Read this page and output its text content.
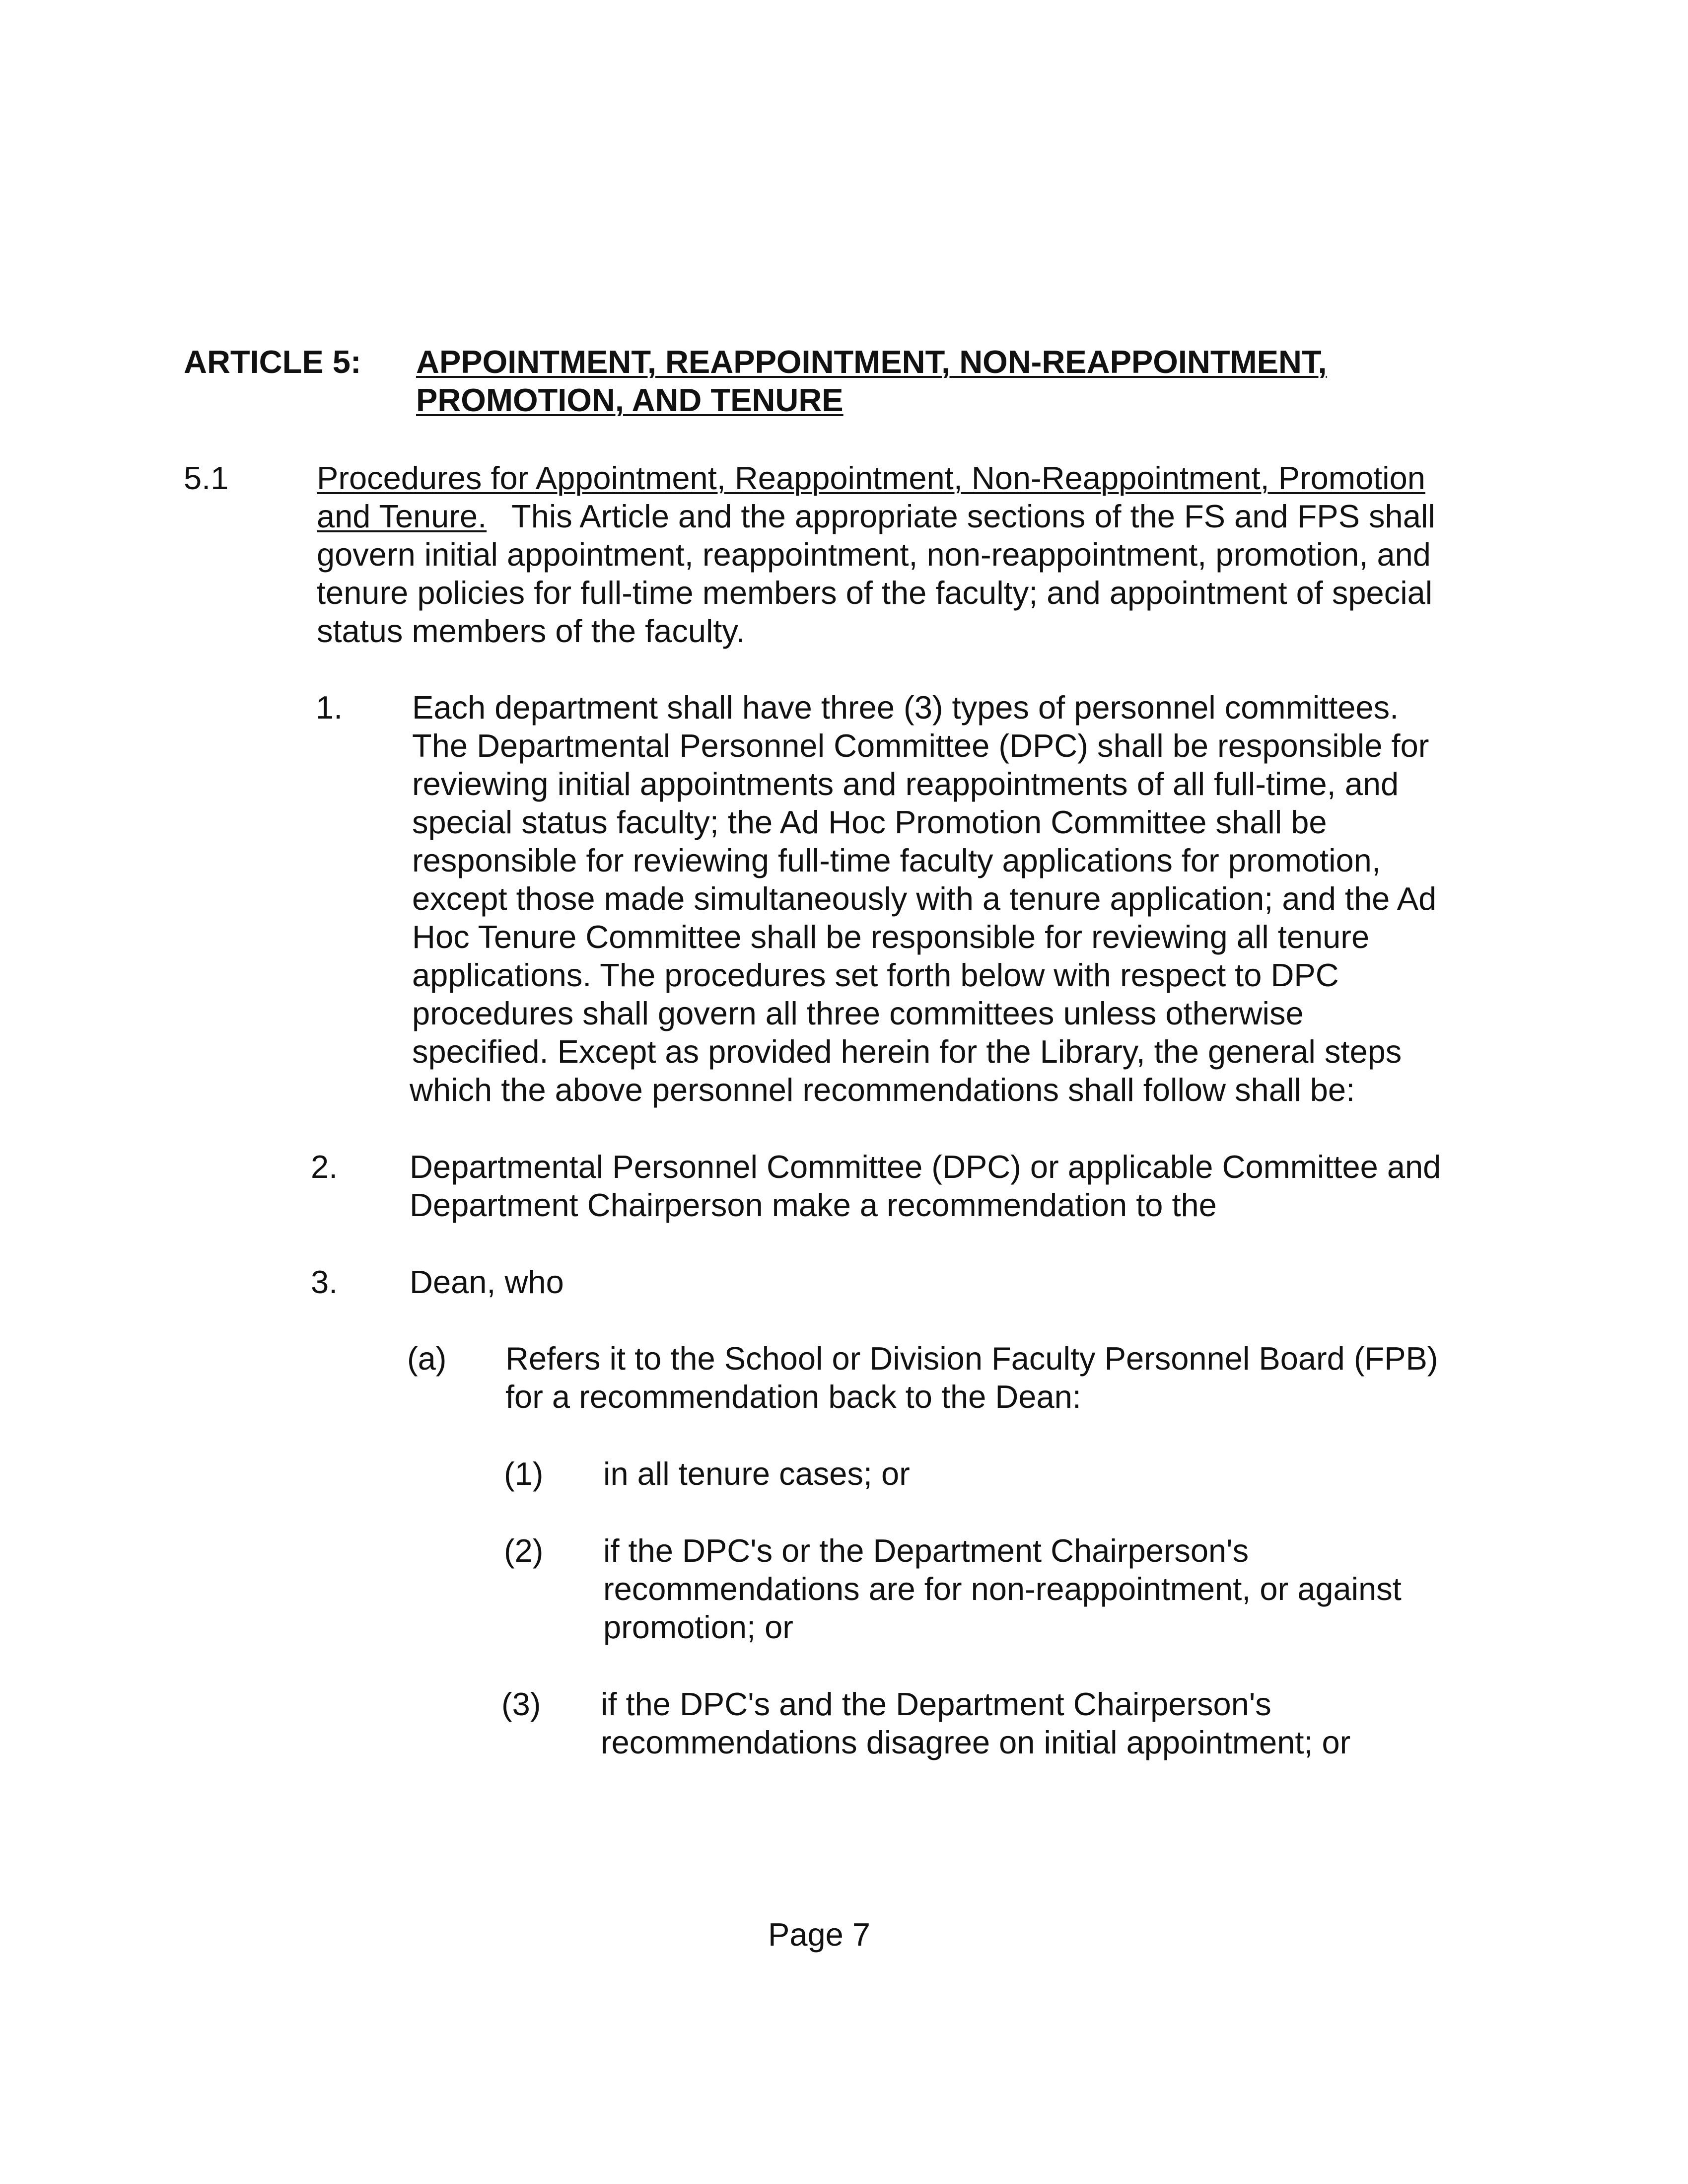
ARTICLE 5: APPOINTMENT, REAPPOINTMENT, NON-REAPPOINTMENT,
PROMOTION, AND TENURE
5.1	Procedures for Appointment, Reappointment, Non-Reappointment, Promotion
and Tenure. This Article and the appropriate sections of the FS and FPS shall
govern initial appointment, reappointment, non-reappointment, promotion, and
tenure policies for full-time members of the faculty; and appointment of special
status members of the faculty.
1. Each department shall have three (3) types of personnel committees.
The Departmental Personnel Committee (DPC) shall be responsible for
reviewing initial appointments and reappointments of all full-time, and
special status faculty; the Ad Hoc Promotion Committee shall be
responsible for reviewing full-time faculty applications for promotion,
except those made simultaneously with a tenure application; and the Ad
Hoc Tenure Committee shall be responsible for reviewing all tenure
applications. The procedures set forth below with respect to DPC
procedures shall govern all three committees unless otherwise
specified. Except as provided herein for the Library, the general steps
which the above personnel recommendations shall follow shall be:
2. Departmental Personnel Committee (DPC) or applicable Committee and
Department Chairperson make a recommendation to the
3. Dean, who
(a) Refers it to the School or Division Faculty Personnel Board (FPB)
for a recommendation back to the Dean:
(1) in all tenure cases; or
(2) if the DPC's or the Department Chairperson's
recommendations are for non-reappointment, or against
promotion; or
(3) if the DPC's and the Department Chairperson's
recommendations disagree on initial appointment; or
Page 7
